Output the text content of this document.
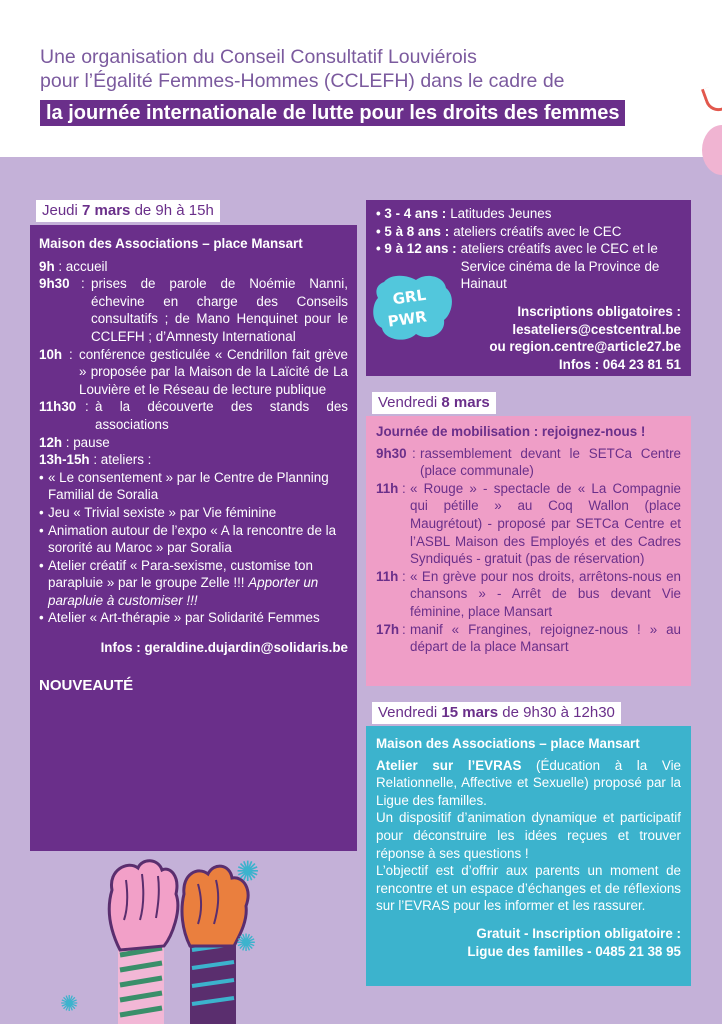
Une organisation du Conseil Consultatif Louviérois
pour l’Égalité Femmes-Hommes (CCLEFH) dans le cadre de
la journée internationale de lutte pour les droits des femmes
Jeudi 7 mars de 9h à 15h
Maison des Associations – place Mansart
9h : accueil
9h30 : prises de parole de Noémie Nanni, échevine en charge des Conseils consultatifs ; de Mano Henquinet pour le CCLEFH ; d’Amnesty International
10h : conférence gesticulée « Cendrillon fait grève » proposée par la Maison de la Laïcité de La Louvière et le Réseau de lecture publique
11h30 : à la découverte des stands des associations
12h : pause
13h-15h : ateliers :
• « Le consentement » par le Centre de Planning Familial de Soralia
• Jeu « Trivial sexiste » par Vie féminine
• Animation autour de l’expo « A la rencontre de la sororité au Maroc » par Soralia
• Atelier créatif « Para-sexisme, customise ton parapluie » par le groupe Zelle !!! Apporter un parapluie à customiser !!!
• Atelier « Art-thérapie » par Solidarité Femmes
Infos : geraldine.dujardin@solidaris.be
NOUVEAUTÉ
• 3 - 4 ans : Latitudes Jeunes
• 5 à 8 ans : ateliers créatifs avec le CEC
• 9 à 12 ans : ateliers créatifs avec le CEC et le Service cinéma de la Province de Hainaut
Inscriptions obligatoires :
lesateliers@cestcentral.be
ou region.centre@article27.be
Infos : 064 23 81 51
GRL
PWR
Vendredi 8 mars
Journée de mobilisation : rejoignez-nous !
9h30 : rassemblement devant le SETCa Centre (place communale)
11h : « Rouge » - spectacle de « La Compagnie qui pétille » au Coq Wallon (place Maugrétout) - proposé par SETCa Centre et l’ASBL Maison des Employés et des Cadres Syndiqués - gratuit (pas de réservation)
11h : « En grève pour nos droits, arrêtons-nous en chansons » - Arrêt de bus devant Vie féminine, place Mansart
17h : manif « Frangines, rejoignez-nous ! » au départ de la place Mansart
Vendredi 15 mars de 9h30 à 12h30
Maison des Associations – place Mansart
Atelier sur l’EVRAS (Éducation à la Vie Relationnelle, Affective et Sexuelle) proposé par la Ligue des familles.
Un dispositif d’animation dynamique et participatif pour déconstruire les idées reçues et trouver réponse à ses questions !
L’objectif est d’offrir aux parents un moment de rencontre et un espace d’échanges et de réflexions sur l’EVRAS pour les informer et les rassurer.
Gratuit - Inscription obligatoire :
Ligue des familles - 0485 21 38 95
✺
✺
✺
